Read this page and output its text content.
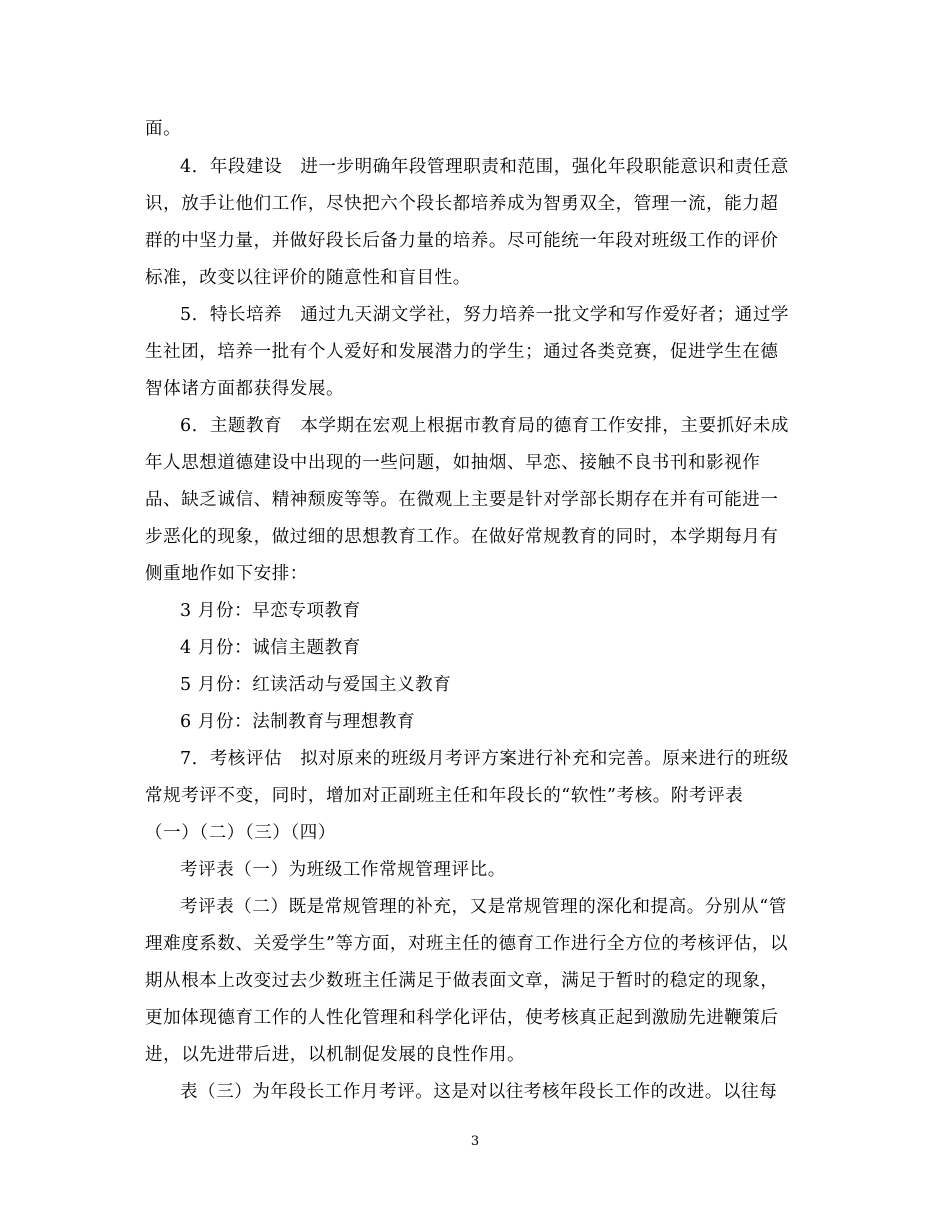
面。
4．年段建设　进一步明确年段管理职责和范围，强化年段职能意识和责任意
识，放手让他们工作，尽快把六个段长都培养成为智勇双全，管理一流，能力超
群的中坚力量，并做好段长后备力量的培养。尽可能统一年段对班级工作的评价
标准，改变以往评价的随意性和盲目性。
5．特长培养　通过九天湖文学社，努力培养一批文学和写作爱好者；通过学
生社团，培养一批有个人爱好和发展潜力的学生；通过各类竞赛，促进学生在德
智体诸方面都获得发展。
6．主题教育　本学期在宏观上根据市教育局的德育工作安排，主要抓好未成
年人思想道德建设中出现的一些问题，如抽烟、早恋、接触不良书刊和影视作
品、缺乏诚信、精神颓废等等。在微观上主要是针对学部长期存在并有可能进一
步恶化的现象，做过细的思想教育工作。在做好常规教育的同时，本学期每月有
侧重地作如下安排：
3 月份：早恋专项教育
4 月份：诚信主题教育
5 月份：红读活动与爱国主义教育
6 月份：法制教育与理想教育
7．考核评估　拟对原来的班级月考评方案进行补充和完善。原来进行的班级
常规考评不变，同时，增加对正副班主任和年段长的“软性”考核。附考评表
（一）（二）（三）（四）
考评表（一）为班级工作常规管理评比。
考评表（二）既是常规管理的补充，又是常规管理的深化和提高。分别从“管
理难度系数、关爱学生”等方面，对班主任的德育工作进行全方位的考核评估，以
期从根本上改变过去少数班主任满足于做表面文章，满足于暂时的稳定的现象，
更加体现德育工作的人性化管理和科学化评估，使考核真正起到激励先进鞭策后
进，以先进带后进，以机制促发展的良性作用。
表（三）为年段长工作月考评。这是对以往考核年段长工作的改进。以往每
3
